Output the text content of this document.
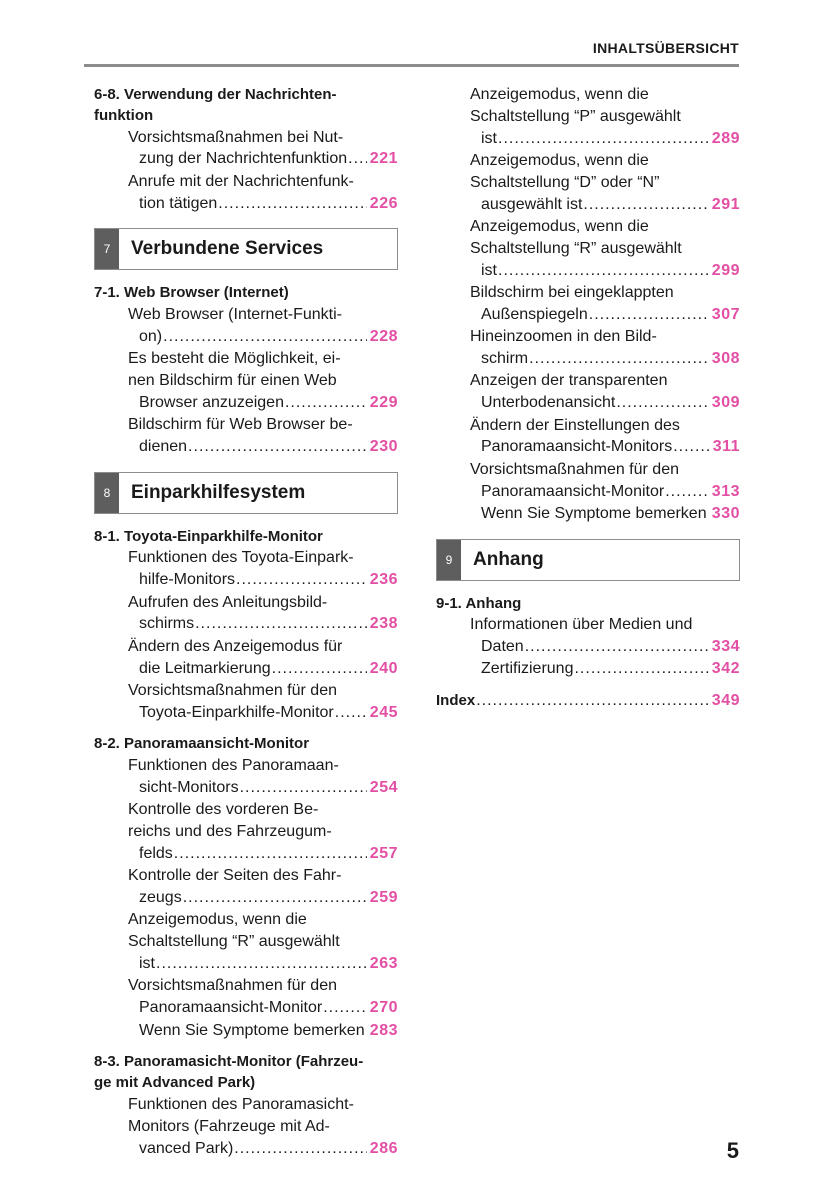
INHALTSÜBERSICHT
6-8. Verwendung der Nachrichten-
funktion
Vorsichtsmaßnahmen bei Nut-
zung der Nachrichtenfunktion ..... 221
Anrufe mit der Nachrichtenfunk-
tion tätigen .....	226
7	Verbundene Services
7-1. Web Browser (Internet)
Web Browser (Internet-Funkti-
on) .....	228
Es besteht die Möglichkeit, ei-
nen Bildschirm für einen Web
Browser anzuzeigen .....	229
Bildschirm für Web Browser be-
dienen .....	230
8	Einparkhilfesystem
8-1. Toyota-Einparkhilfe-Monitor
Funktionen des Toyota-Einpark-
hilfe-Monitors .....	236
Aufrufen des Anleitungsbild-
schirms .....	238
Ändern des Anzeigemodus für
die Leitmarkierung .....	240
Vorsichtsmaßnahmen für den
Toyota-Einparkhilfe-Monitor ..... 245
8-2. Panoramaansicht-Monitor
Funktionen des Panoramaan-
sicht-Monitors .....	254
Kontrolle des vorderen Be-
reichs und des Fahrzeugum-
felds .....	257
Kontrolle der Seiten des Fahr-
zeugs .....	259
Anzeigemodus, wenn die
Schaltstellung “R” ausgewählt
ist .....	263
Vorsichtsmaßnahmen für den
Panoramaansicht-Monitor .....	270
Wenn Sie Symptome bemerken 283
8-3. Panoramasicht-Monitor (Fahrzeu-
ge mit Advanced Park)
Funktionen des Panoramasicht-
Monitors (Fahrzeuge mit Ad-
vanced Park) .....	286
Anzeigemodus, wenn die
Schaltstellung “P” ausgewählt
ist .....	289
Anzeigemodus, wenn die
Schaltstellung “D” oder “N”
ausgewählt ist .....	291
Anzeigemodus, wenn die
Schaltstellung “R” ausgewählt
ist .....	299
Bildschirm bei eingeklappten
Außenspiegeln .....	307
Hineinzoomen in den Bild-
schirm .....	308
Anzeigen der transparenten
Unterbodenansicht .....	309
Ändern der Einstellungen des
Panoramaansicht-Monitors .....	311
Vorsichtsmaßnahmen für den
Panoramaansicht-Monitor .....	313
Wenn Sie Symptome bemerken 330
9	Anhang
9-1. Anhang
Informationen über Medien und
Daten .....	334
Zertifizierung .....	342
Index .....	349
5
